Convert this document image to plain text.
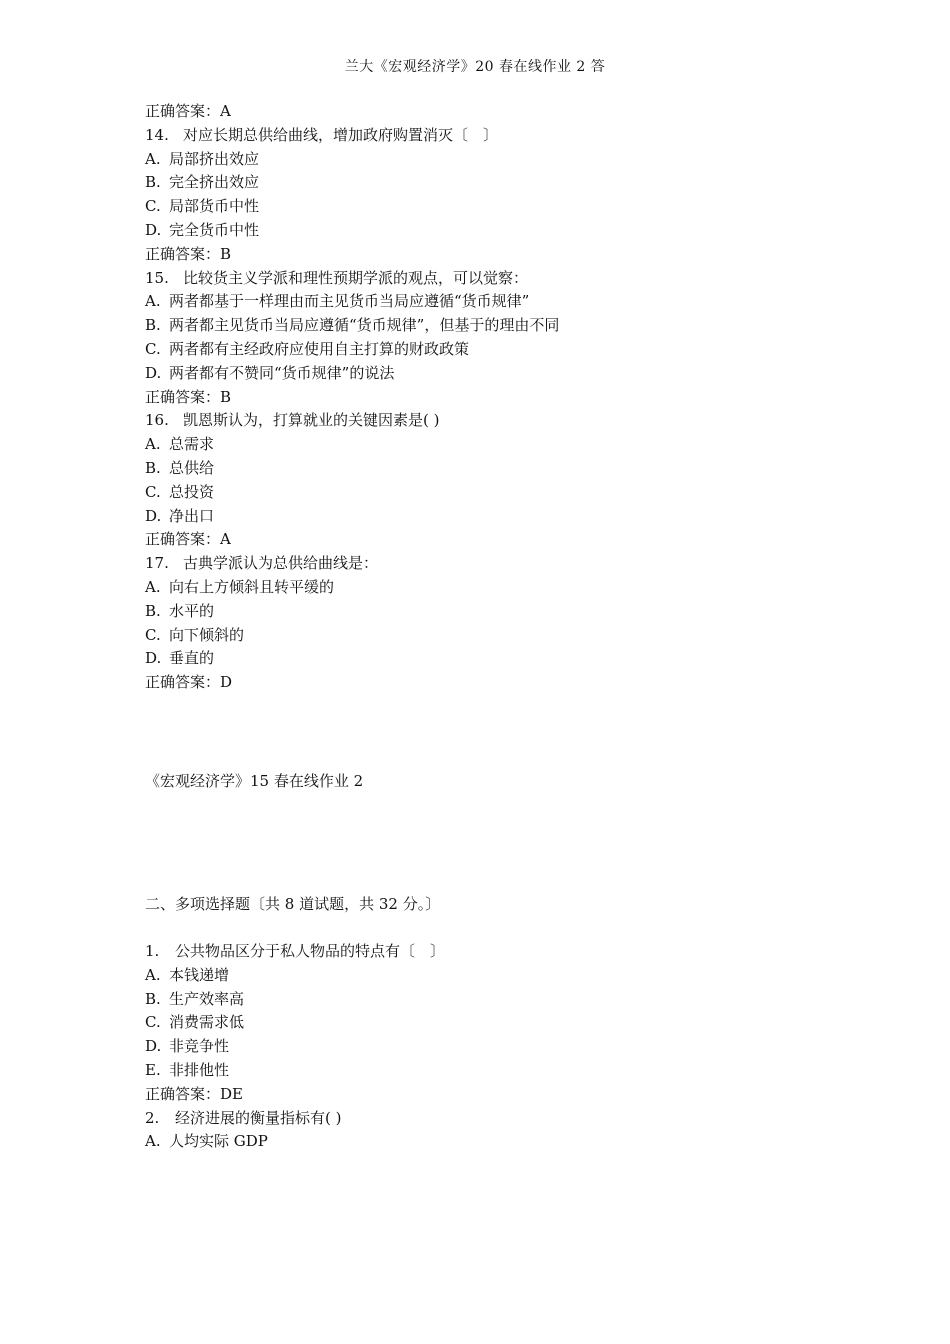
兰大《宏观经济学》20 春在线作业 2 答
正确答案：A
14. 对应长期总供给曲线，增加政府购置消灭〔　〕
A. 局部挤出效应
B. 完全挤出效应
C. 局部货币中性
D. 完全货币中性
正确答案：B
15. 比较货主义学派和理性预期学派的观点，可以觉察：
A. 两者都基于一样理由而主见货币当局应遵循“货币规律”
B. 两者都主见货币当局应遵循“货币规律”，但基于的理由不同
C. 两者都有主经政府应使用自主打算的财政政策
D. 两者都有不赞同“货币规律”的说法
正确答案：B
16. 凯恩斯认为，打算就业的关键因素是( )
A. 总需求
B. 总供给
C. 总投资
D. 净出口
正确答案：A
17. 古典学派认为总供给曲线是：
A. 向右上方倾斜且转平缓的
B. 水平的
C. 向下倾斜的
D. 垂直的
正确答案：D
《宏观经济学》15 春在线作业 2
二、多项选择题〔共 8 道试题，共 32 分。〕
1. 公共物品区分于私人物品的特点有〔　〕
A. 本钱递增
B. 生产效率高
C. 消费需求低
D. 非竞争性
E. 非排他性
正确答案：DE
2. 经济进展的衡量指标有( )
A. 人均实际 GDP
